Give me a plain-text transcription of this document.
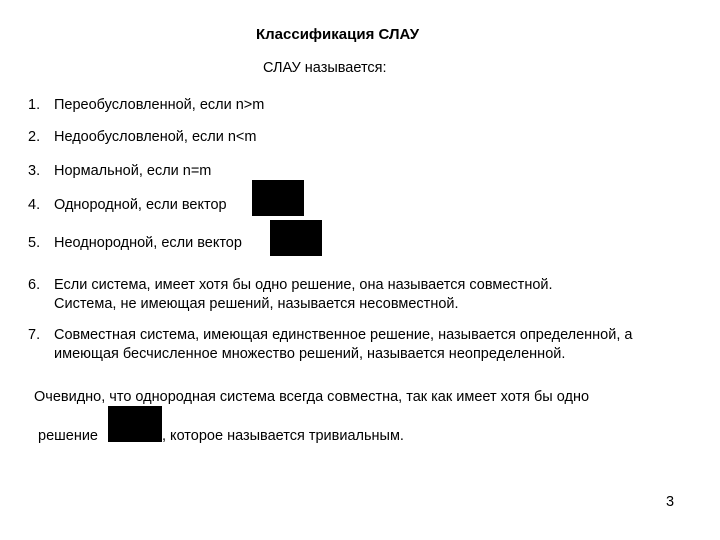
Классификация СЛАУ
СЛАУ называется:
1. Переобусловленной, если n>m
2. Недообусловленой, если n<m
3. Нормальной, если n=m
4. Однородной, если вектор
5. Неоднородной, если вектор
6. Если система, имеет хотя бы одно решение, она называется совместной.
Система, не имеющая решений, называется несовместной.
7. Совместная система, имеющая единственное решение, называется определенной, а
имеющая бесчисленное множество решений, называется неопределенной.
Очевидно, что однородная система всегда совместна, так как имеет хотя бы одно
решение	, которое называется тривиальным.
3
